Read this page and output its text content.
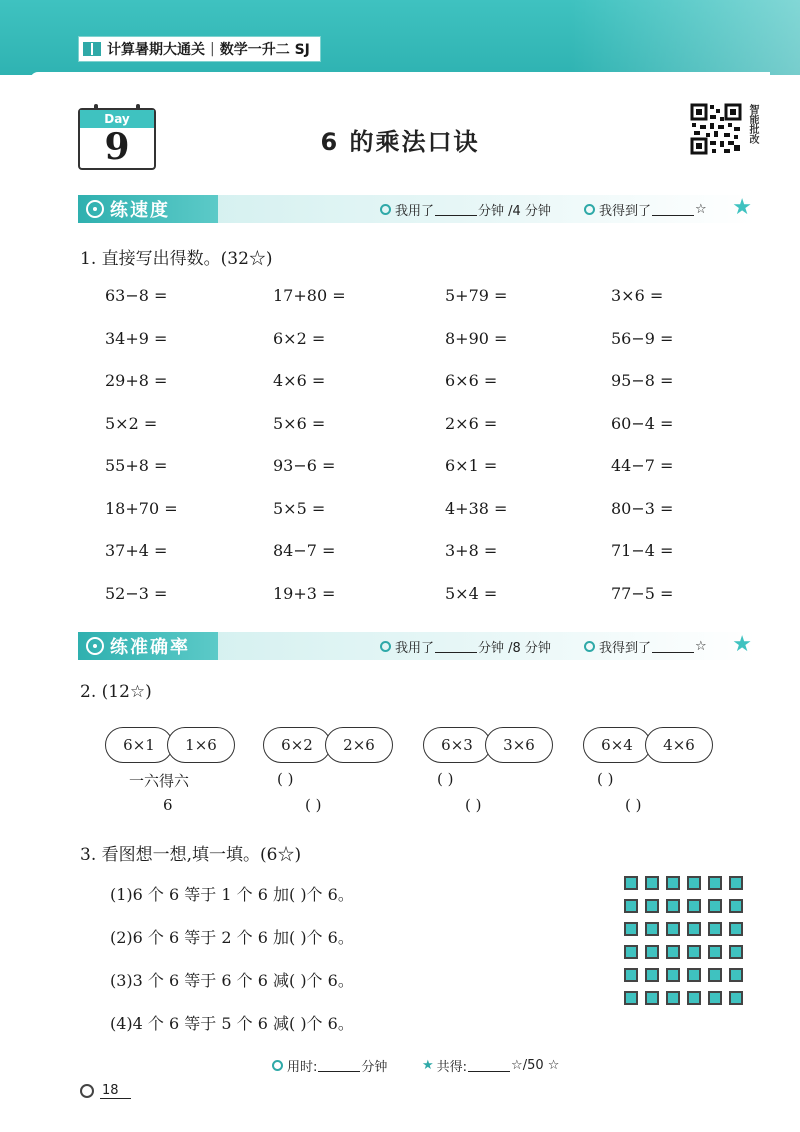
计算暑期大通关 | 数学一升二 SJ
Day
9	6 的乘法口诀	智能批改
练速度	我用了	分钟 /4 分钟	我得到了	☆ ★
1. 直接写出得数。(32☆)
63−8 =	17+80 =	5+79 =	3×6 =
34+9 =	6×2 =	8+90 =	56−9 =
29+8 =	4×6 =	6×6 =	95−8 =
5×2 =	5×6 =	2×6 =	60−4 =
55+8 =	93−6 =	6×1 =	44−7 =
18+70 =	5×5 =	4+38 =	80−3 =
37+4 =	84−7 =	3+8 =	71−4 =
52−3 =	19+3 =	5×4 =	77−5 =
练准确率	我用了	分钟 /8 分钟	我得到了	☆ ★
2. (12☆)
6×1	1×6
一六得六
6
6×2	2×6
( )
( )
6×3	3×6
( )
( )
6×4	4×6
( )
( )
3. 看图想一想,填一填。(6☆)
(1)6 个 6 等于 1 个 6 加( )个 6。
(2)6 个 6 等于 2 个 6 加( )个 6。
(3)3 个 6 等于 6 个 6 减( )个 6。
(4)4 个 6 等于 5 个 6 减( )个 6。
用时:	分钟	★ 共得:	☆/50 ☆
18
